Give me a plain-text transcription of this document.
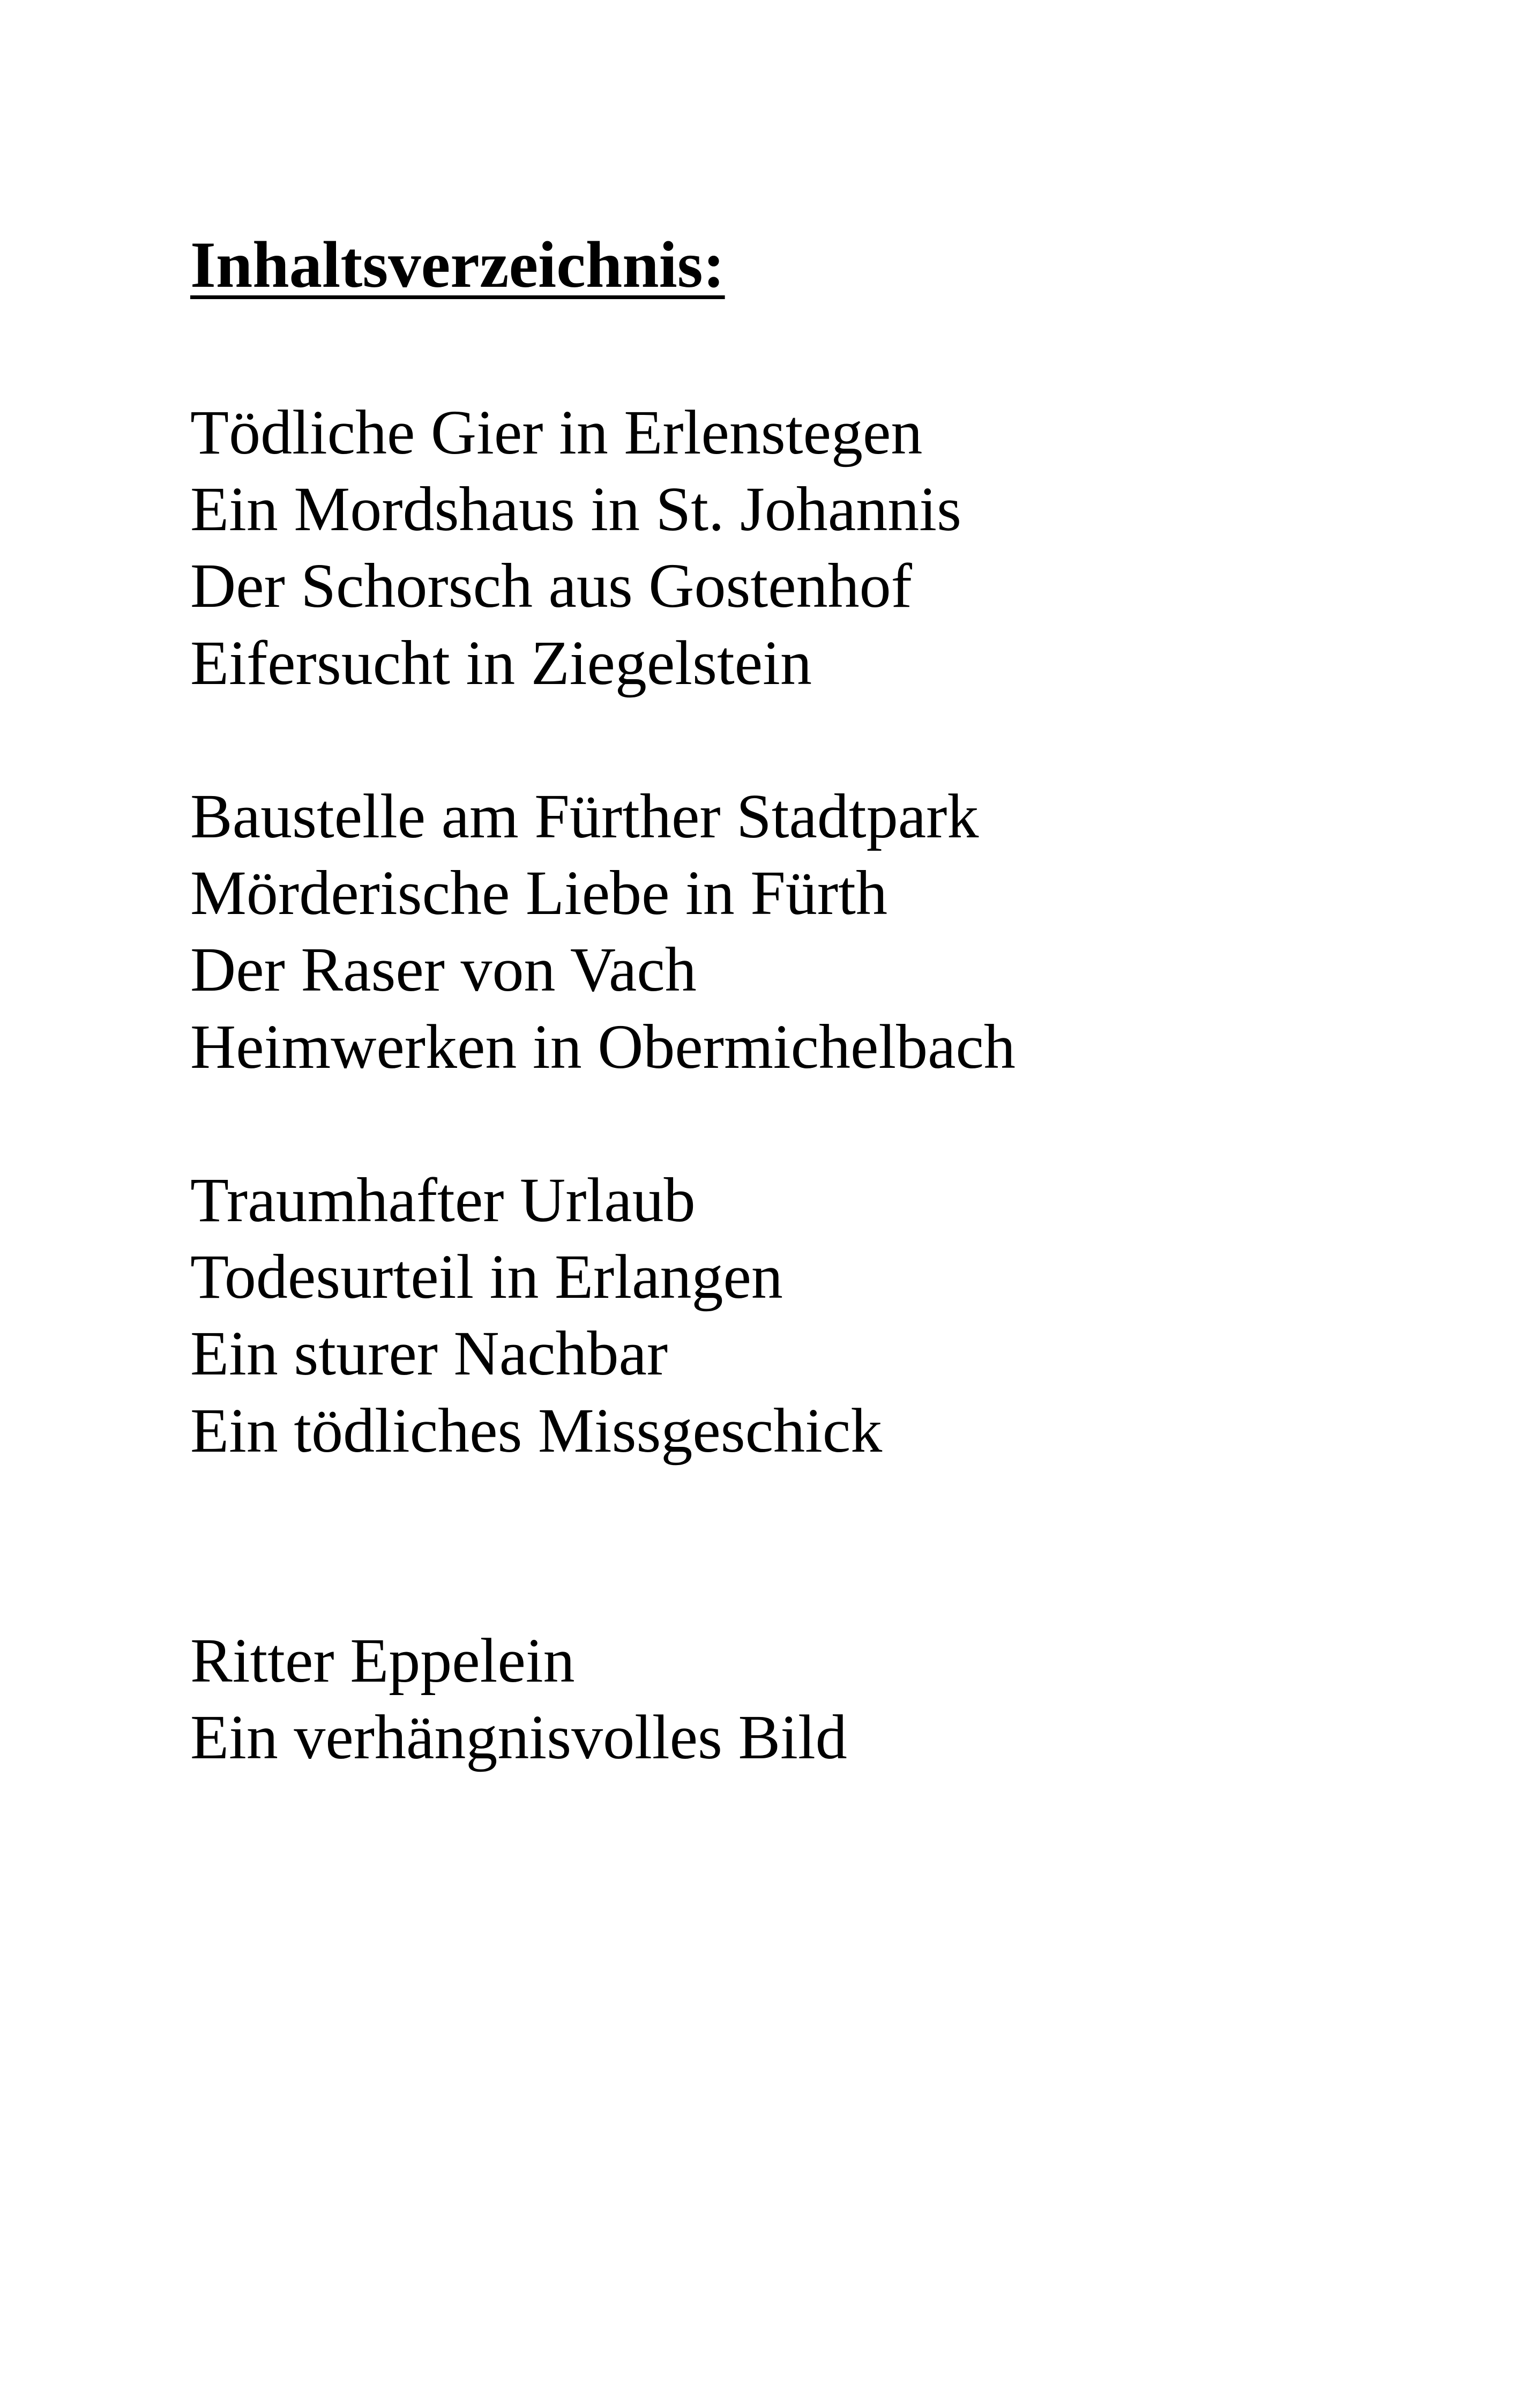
Inhaltsverzeichnis:

Tödliche Gier in Erlenstegen

Ein Mordshaus in St. Johannis

Der Schorsch aus Gostenhof

Eifersucht in Ziegelstein

Baustelle am Fürther Stadtpark

Mörderische Liebe in Fürth

Der Raser von Vach

Heimwerken in Obermichelbach

Traumhafter Urlaub

Todesurteil in Erlangen

Ein sturer Nachbar

Ein tödliches Missgeschick

Ritter Eppelein

Ein verhängnisvolles Bild
